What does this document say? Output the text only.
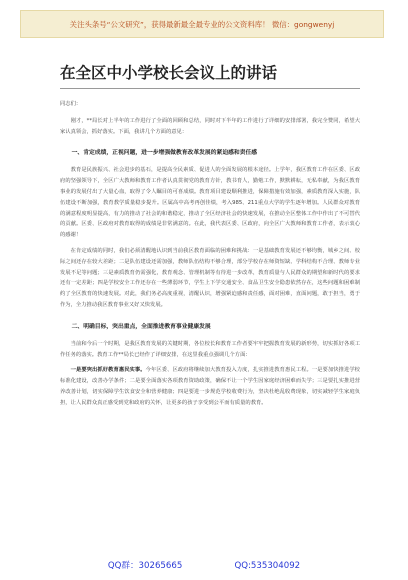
关注头条号“公文研究”，获得最新最全最专业的公文资料库！ 微信：gongwenyj
在全区中小学校长会议上的讲话

同志们：

刚才，**局长对上半年的工作进行了全面的回顾和总结，同时对下半年的工作进行了详细的安排部署，我完全赞同，希望大家认真领会，抓好落实。下面，我讲几个方面的意见：

一、肯定成绩，正视问题，进一步增强做教育改革发展的紧迫感和责任感

教育是民族振兴、社会进步的基石，是提高全民素质、促进人的全面发展的根本途径。上学年，我区教育工作在区委、区政府的坚强领导下，全区广大教师和教育工作者认真贯彻党的教育方针，教书育人，勤勉工作，默默耕耘，无私奉献，为我区教育事业的发展付出了大量心血，取得了令人瞩目的可喜成绩。教育项目建设顺利推进，保障措施有效加强，素质教育深入实施，队伍建设不断加强，教育教学质量稳步提升。区属高中高考再创佳绩，考入985、211重点大学的学生逐年增加。人民群众对教育的满意程度明显提高，有力的推动了社会的和谐稳定，推动了全区经济社会的快速发展，在推动全区整体工作中作出了不可替代的贡献。区委、区政府对教育取得的成绩是非常满意的。在此，我代表区委、区政府，向全区广大教师和教育工作者，表示衷心的感谢！

在肯定成绩的同时，我们必须清醒地认识到当前我区教育面临的困难和挑战：一是基础教育发展还不够均衡，城乡之间、校际之间还存在较大差距；二是队伍建设还需加强，教师队伍结构不够合理，部分学校存在师资短缺、学科结构不合理、教师专业发展不足等问题；三是素质教育仍需强化，教育观念、管理机制等有待进一步改革，教育质量与人民群众的期望和新时代的要求还有一定差距；四是学校安全工作还存在一些薄弱环节，学生上下学交通安全、食品卫生安全隐患依然存在，这些问题和困难制约了全区教育的快速发展。对此，我们务必高度重视，清醒认识，增强紧迫感和责任感，面对困难，直面问题，敢于担当，勇于作为，全力推动我区教育事业又好又快发展。

二、明确目标，突出重点，全面推进教育事业健康发展

当前和今后一个时期，是我区教育发展的关键时期，各位校长和教育工作者要牢牢把握教育发展的新形势，切实抓好各项工作任务的落实。教育工作**局长已经作了详细安排，在这里我重点强调几个方面：

一是要突出抓好教育惠民实事。今年区委、区政府将继续加大教育投入力度，扎实推进教育惠民工程。一是要加快推进学校标准化建设，改善办学条件；二是要全面落实各项教育资助政策，确保不让一个学生因家庭经济困难而失学；三是要扎实推进营养改善计划，切实保障学生饮食安全和营养健康；四是要进一步规范学校收费行为，坚决杜绝乱收费现象，切实减轻学生家庭负担，让人民群众真正感受到党和政府的关怀，让更多的孩子享受到公平而有质量的教育。

QQ群：30265665	QQ:535304092
